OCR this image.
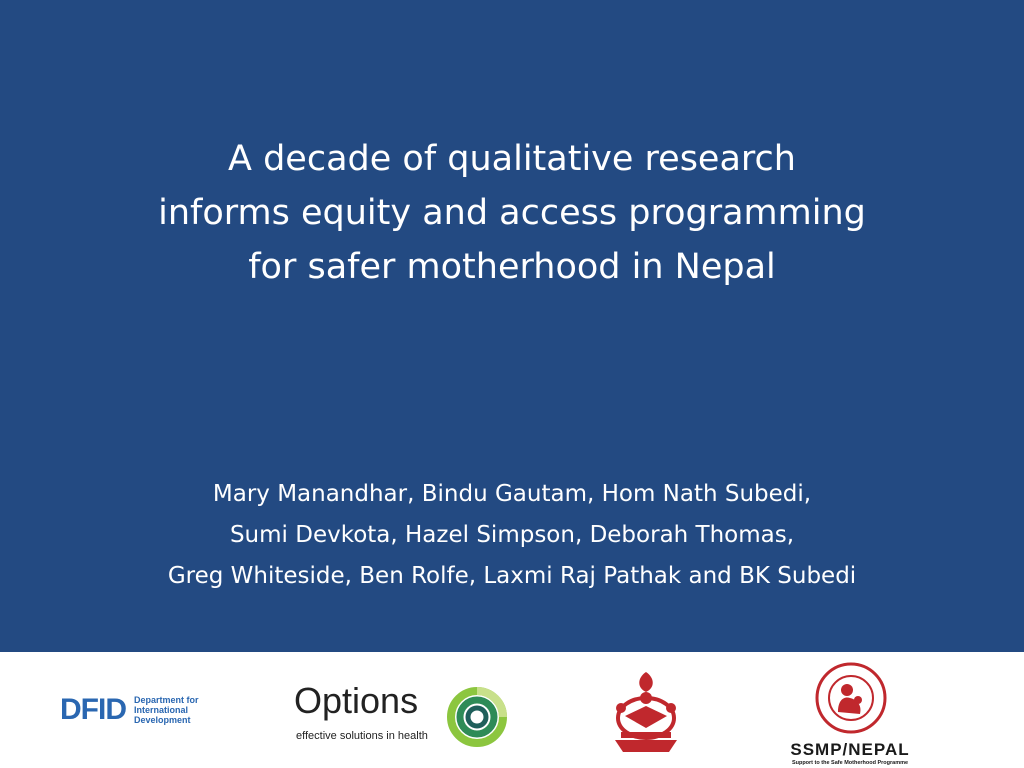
A decade of qualitative research
informs equity and access programming
for safer motherhood in Nepal

Mary Manandhar, Bindu Gautam, Hom Nath Subedi,
Sumi Devkota, Hazel Simpson, Deborah Thomas,
Greg Whiteside, Ben Rolfe, Laxmi Raj Pathak and BK Subedi

DFID Department for
International
Development	Options
effective solutions in health
SSMP/NEPAL
Support to the Safe Motherhood Programme
